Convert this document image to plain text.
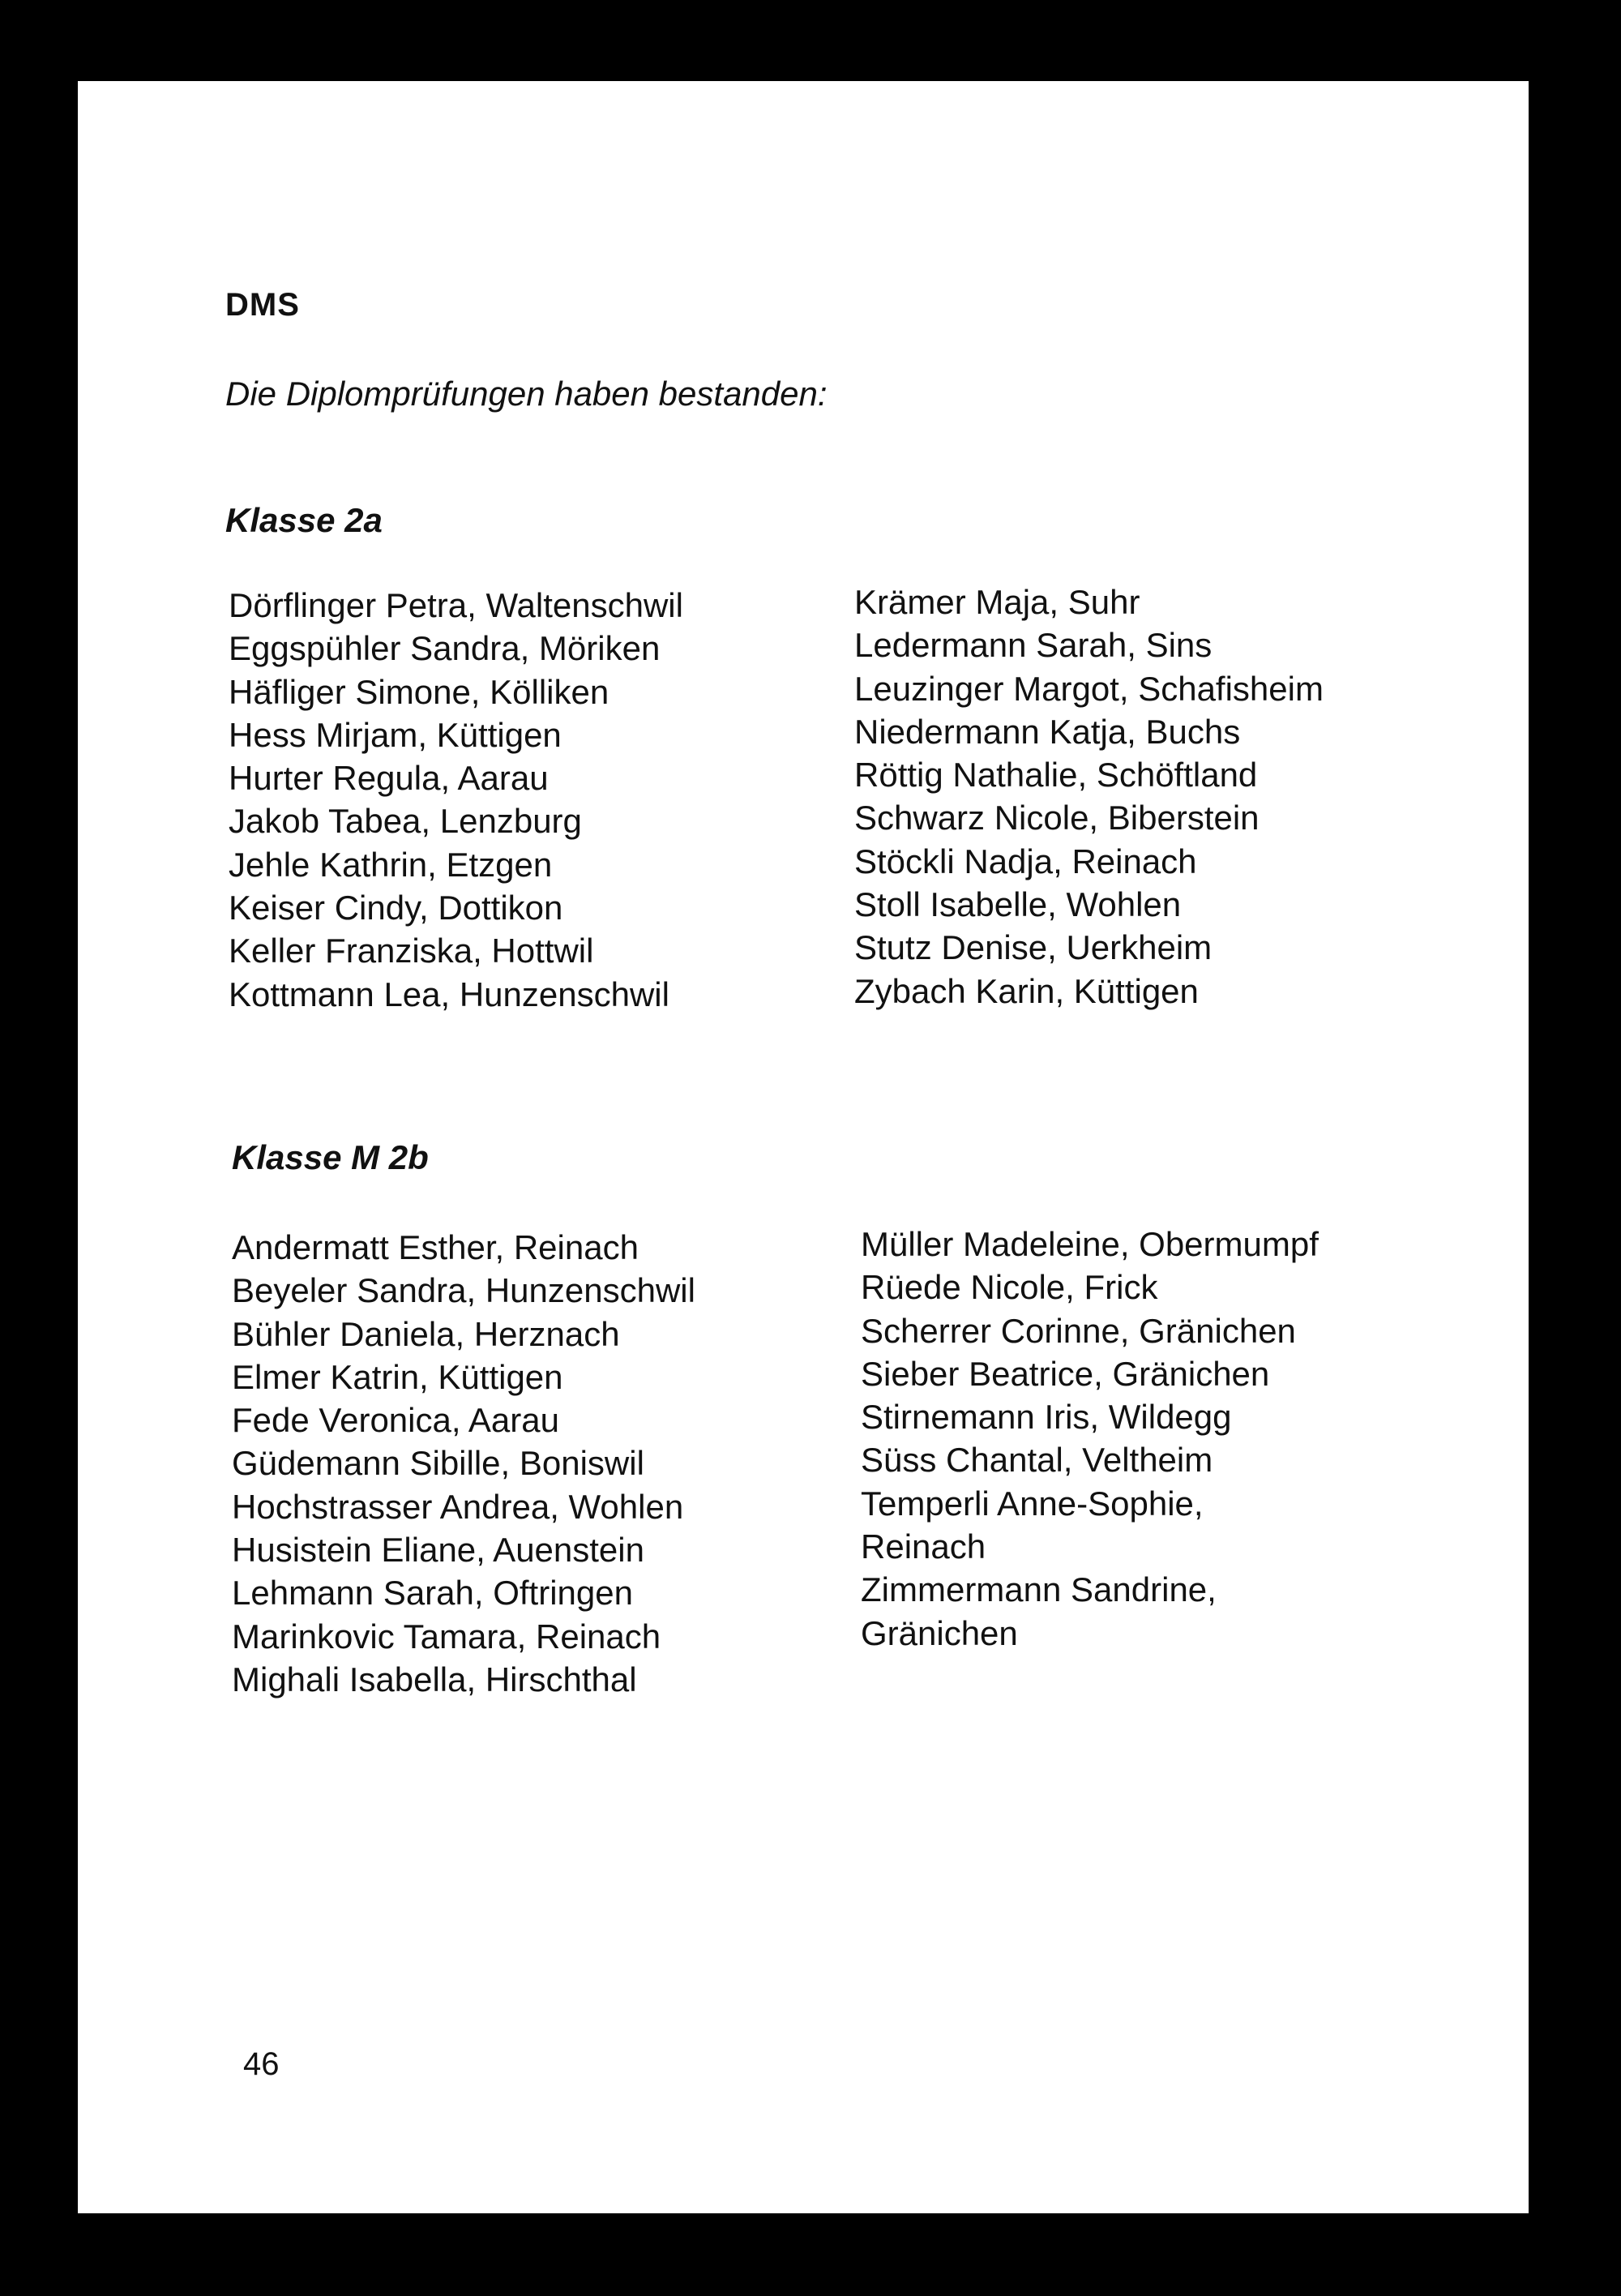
DMS

Die Diplomprüfungen haben bestanden:

Klasse 2a
Dörflinger Petra, Waltenschwil
Eggspühler Sandra, Möriken
Häfliger Simone, Kölliken
Hess Mirjam, Küttigen
Hurter Regula, Aarau
Jakob Tabea, Lenzburg
Jehle Kathrin, Etzgen
Keiser Cindy, Dottikon
Keller Franziska, Hottwil
Kottmann Lea, Hunzenschwil
Krämer Maja, Suhr
Ledermann Sarah, Sins
Leuzinger Margot, Schafisheim
Niedermann Katja, Buchs
Röttig Nathalie, Schöftland
Schwarz Nicole, Biberstein
Stöckli Nadja, Reinach
Stoll Isabelle, Wohlen
Stutz Denise, Uerkheim
Zybach Karin, Küttigen
Klasse M 2b
Andermatt Esther, Reinach
Beyeler Sandra, Hunzenschwil
Bühler Daniela, Herznach
Elmer Katrin, Küttigen
Fede Veronica, Aarau
Güdemann Sibille, Boniswil
Hochstrasser Andrea, Wohlen
Husistein Eliane, Auenstein
Lehmann Sarah, Oftringen
Marinkovic Tamara, Reinach
Mighali Isabella, Hirschthal
Müller Madeleine, Obermumpf
Rüede Nicole, Frick
Scherrer Corinne, Gränichen
Sieber Beatrice, Gränichen
Stirnemann Iris, Wildegg
Süss Chantal, Veltheim
Temperli Anne-Sophie,
Reinach
Zimmermann Sandrine,
Gränichen

46
